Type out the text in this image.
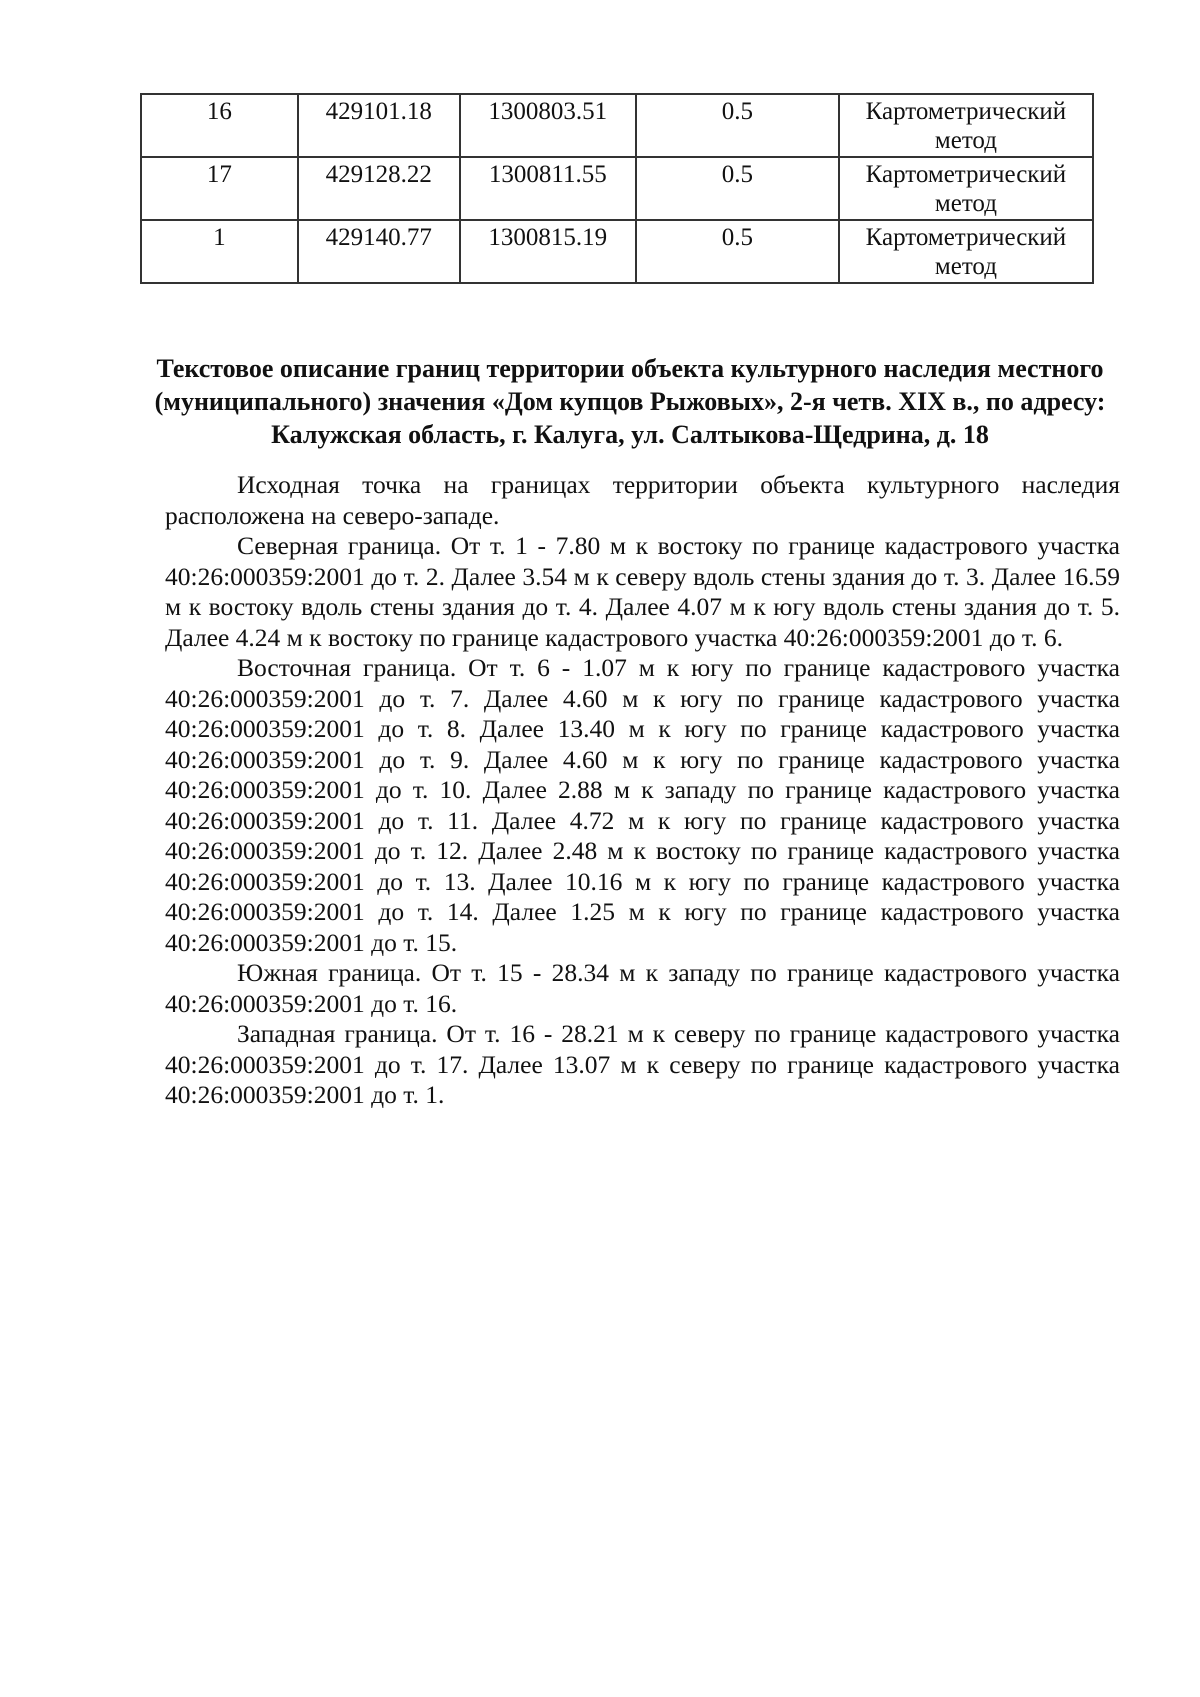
16	429101.18	1300803.51	0.5	Картометрический метод
17	429128.22	1300811.55	0.5	Картометрический метод
1	429140.77	1300815.19	0.5	Картометрический метод
Текстовое описание границ территории объекта культурного наследия местного (муниципального) значения «Дом купцов Рыжовых», 2-я четв. XIX в., по адресу: Калужская область, г. Калуга, ул. Салтыкова-Щедрина, д. 18

Исходная точка на границах территории объекта культурного наследия расположена на северо-западе.

Северная граница. От т. 1 - 7.80 м к востоку по границе кадастрового участка 40:26:000359:2001 до т. 2. Далее 3.54 м к северу вдоль стены здания до т. 3. Далее 16.59 м к востоку вдоль стены здания до т. 4. Далее 4.07 м к югу вдоль стены здания до т. 5. Далее 4.24 м к востоку по границе кадастрового участка 40:26:000359:2001 до т. 6.

Восточная граница. От т. 6 - 1.07 м к югу по границе кадастрового участка 40:26:000359:2001 до т. 7. Далее 4.60 м к югу по границе кадастрового участка 40:26:000359:2001 до т. 8. Далее 13.40 м к югу по границе кадастрового участка 40:26:000359:2001 до т. 9. Далее 4.60 м к югу по границе кадастрового участка 40:26:000359:2001 до т. 10. Далее 2.88 м к западу по границе кадастрового участка 40:26:000359:2001 до т. 11. Далее 4.72 м к югу по границе кадастрового участка 40:26:000359:2001 до т. 12. Далее 2.48 м к востоку по границе кадастрового участка 40:26:000359:2001 до т. 13. Далее 10.16 м к югу по границе кадастрового участка 40:26:000359:2001 до т. 14. Далее 1.25 м к югу по границе кадастрового участка 40:26:000359:2001 до т. 15.

Южная граница. От т. 15 - 28.34 м к западу по границе кадастрового участка 40:26:000359:2001 до т. 16.

Западная граница. От т. 16 - 28.21 м к северу по границе кадастрового участка 40:26:000359:2001 до т. 17. Далее 13.07 м к северу по границе кадастрового участка 40:26:000359:2001 до т. 1.
